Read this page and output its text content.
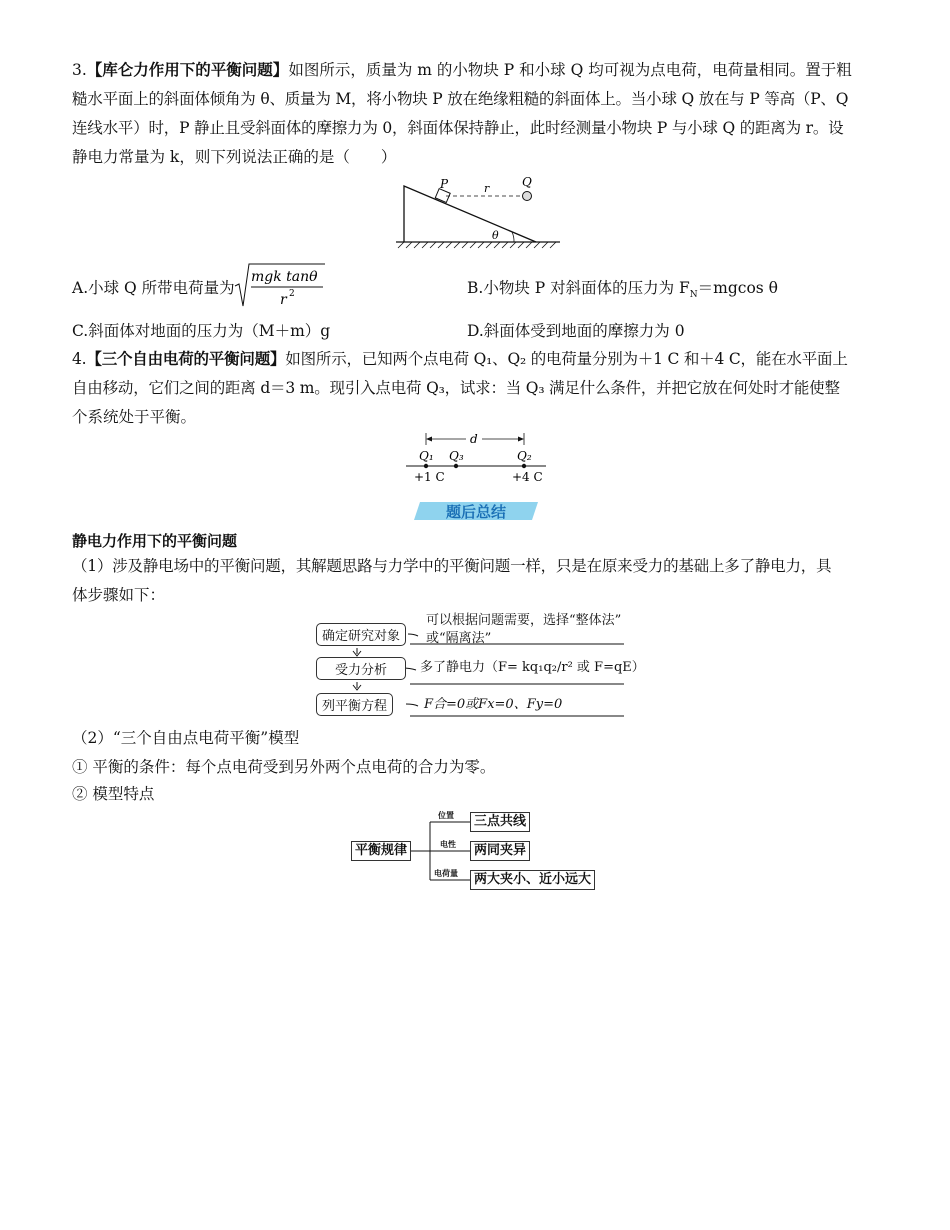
3.【库仑力作用下的平衡问题】如图所示，质量为 m 的小物块 P 和小球 Q 均可视为点电荷，电荷量相同。置于粗

糙水平面上的斜面体倾角为 θ、质量为 M，将小物块 P 放在绝缘粗糙的斜面体上。当小球 Q 放在与 P 等高（P、Q

连线水平）时，P 静止且受斜面体的摩擦力为 0，斜面体保持静止，此时经测量小物块 P 与小球 Q 的距离为 r。设

静电力常量为 k，则下列说法正确的是（　　）

P	r	Q
θ
A.小球 Q 所带电荷量为
mgk tanθ
r 2	B.小物块 P 对斜面体的压力为 $F_N=mgcos$ θ
C.斜面体对地面的压力为（M＋m）g	D.斜面体受到地面的摩擦力为 0

4.【三个自由电荷的平衡问题】如图所示，已知两个点电荷 Q₁、Q₂ 的电荷量分别为＋1 C 和＋4 C，能在水平面上

自由移动，它们之间的距离 d＝3 m。现引入点电荷 Q₃，试求：当 Q₃ 满足什么条件，并把它放在何处时才能使整

个系统处于平衡。

d
Q₁ Q₃	Q₂
+1 C	+4 C
题后总结
静电力作用下的平衡问题

（1）涉及静电场中的平衡问题，其解题思路与力学中的平衡问题一样，只是在原来受力的基础上多了静电力，具

体步骤如下：

确定研究对象
可以根据问题需要，选择“整体法”
或“隔离法”
受力分析	多了静电力（F= kq₁q₂/r² 或 F=qE）
列平衡方程	F合=0或Fx=0、Fy=0

（2）“三个自由点电荷平衡”模型

① 平衡的条件：每个点电荷受到另外两个点电荷的合力为零。

② 模型特点

平衡规律
位置	三点共线
电性	两同夹异
电荷量	两大夹小、近小远大
